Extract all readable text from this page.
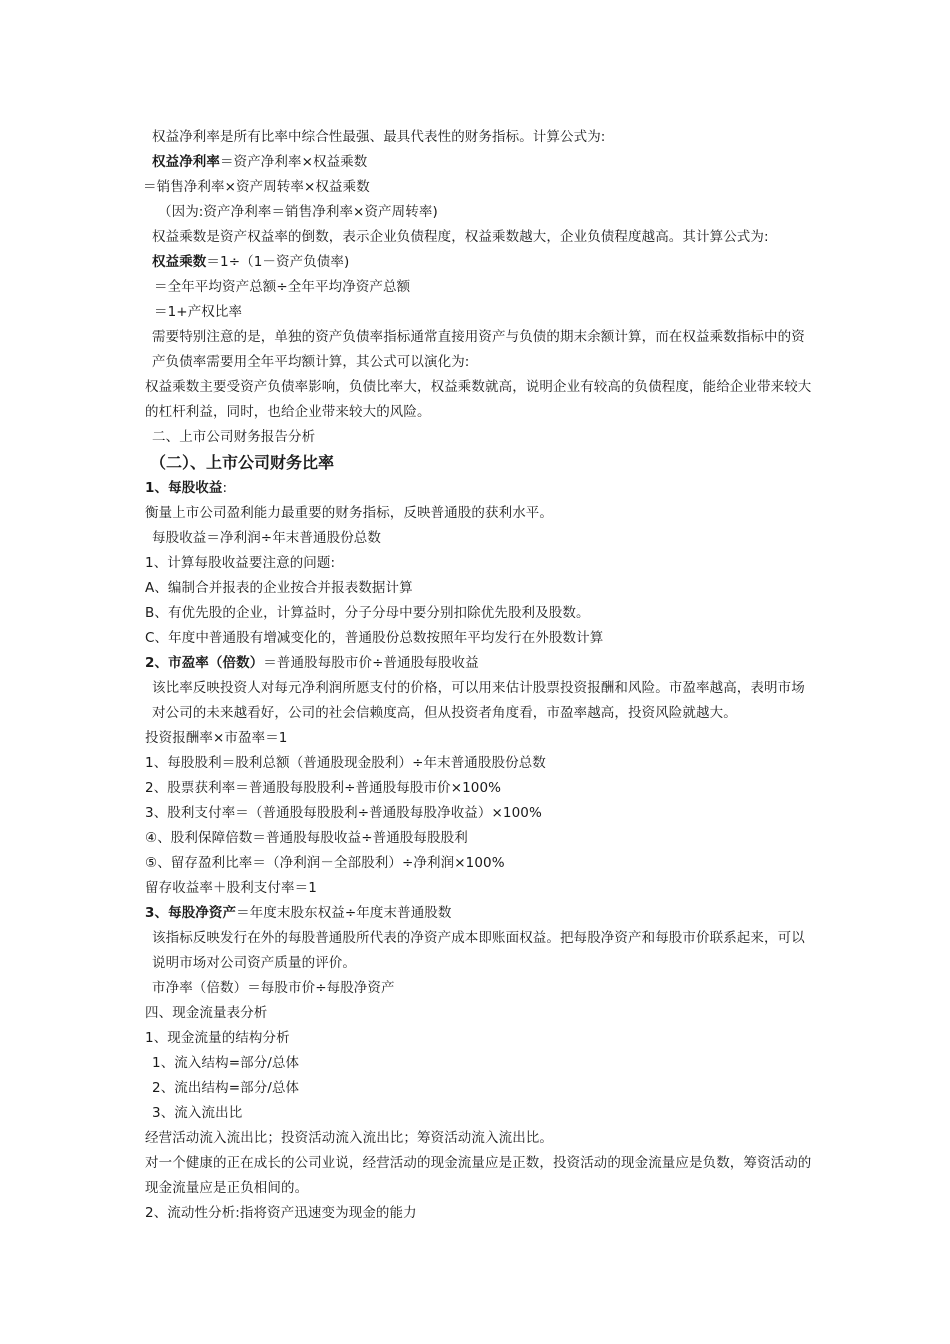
权益净利率是所有比率中综合性最强、最具代表性的财务指标。计算公式为:
权益净利率＝资产净利率×权益乘数
＝销售净利率×资产周转率×权益乘数
（因为:资产净利率＝销售净利率×资产周转率)
权益乘数是资产权益率的倒数，表示企业负债程度，权益乘数越大，企业负债程度越高。其计算公式为:
权益乘数＝1÷（1－资产负债率)
＝全年平均资产总额÷全年平均净资产总额
＝1+产权比率
需要特别注意的是，单独的资产负债率指标通常直接用资产与负债的期末余额计算，而在权益乘数指标中的资产负债率需要用全年平均额计算，其公式可以演化为:
权益乘数主要受资产负债率影响，负债比率大，权益乘数就高，说明企业有较高的负债程度，能给企业带来较大的杠杆利益，同时，也给企业带来较大的风险。
二、上市公司财务报告分析
（二）、上市公司财务比率
1、每股收益:
衡量上市公司盈利能力最重要的财务指标，反映普通股的获利水平。
每股收益＝净利润÷年末普通股份总数
1、计算每股收益要注意的问题:
A、编制合并报表的企业按合并报表数据计算
B、有优先股的企业，计算益时，分子分母中要分别扣除优先股利及股数。
C、年度中普通股有增减变化的，普通股份总数按照年平均发行在外股数计算
2、市盈率（倍数）＝普通股每股市价÷普通股每股收益
该比率反映投资人对每元净利润所愿支付的价格，可以用来估计股票投资报酬和风险。市盈率越高，表明市场对公司的未来越看好，公司的社会信赖度高，但从投资者角度看，市盈率越高，投资风险就越大。
投资报酬率×市盈率＝1
1、每股股利＝股利总额（普通股现金股利）÷年末普通股股份总数
2、股票获利率＝普通股每股股利÷普通股每股市价×100%
3、股利支付率＝（普通股每股股利÷普通股每股净收益）×100%
④、股利保障倍数＝普通股每股收益÷普通股每股股利
⑤、留存盈利比率＝（净利润－全部股利）÷净利润×100%
留存收益率＋股利支付率＝1
3、每股净资产＝年度末股东权益÷年度末普通股数
该指标反映发行在外的每股普通股所代表的净资产成本即账面权益。把每股净资产和每股市价联系起来，可以说明市场对公司资产质量的评价。
市净率（倍数）＝每股市价÷每股净资产
四、现金流量表分析
1、现金流量的结构分析
1、流入结构=部分/总体
2、流出结构=部分/总体
3、流入流出比
经营活动流入流出比；投资活动流入流出比；筹资活动流入流出比。
对一个健康的正在成长的公司业说，经营活动的现金流量应是正数，投资活动的现金流量应是负数，筹资活动的现金流量应是正负相间的。
2、流动性分析:指将资产迅速变为现金的能力
